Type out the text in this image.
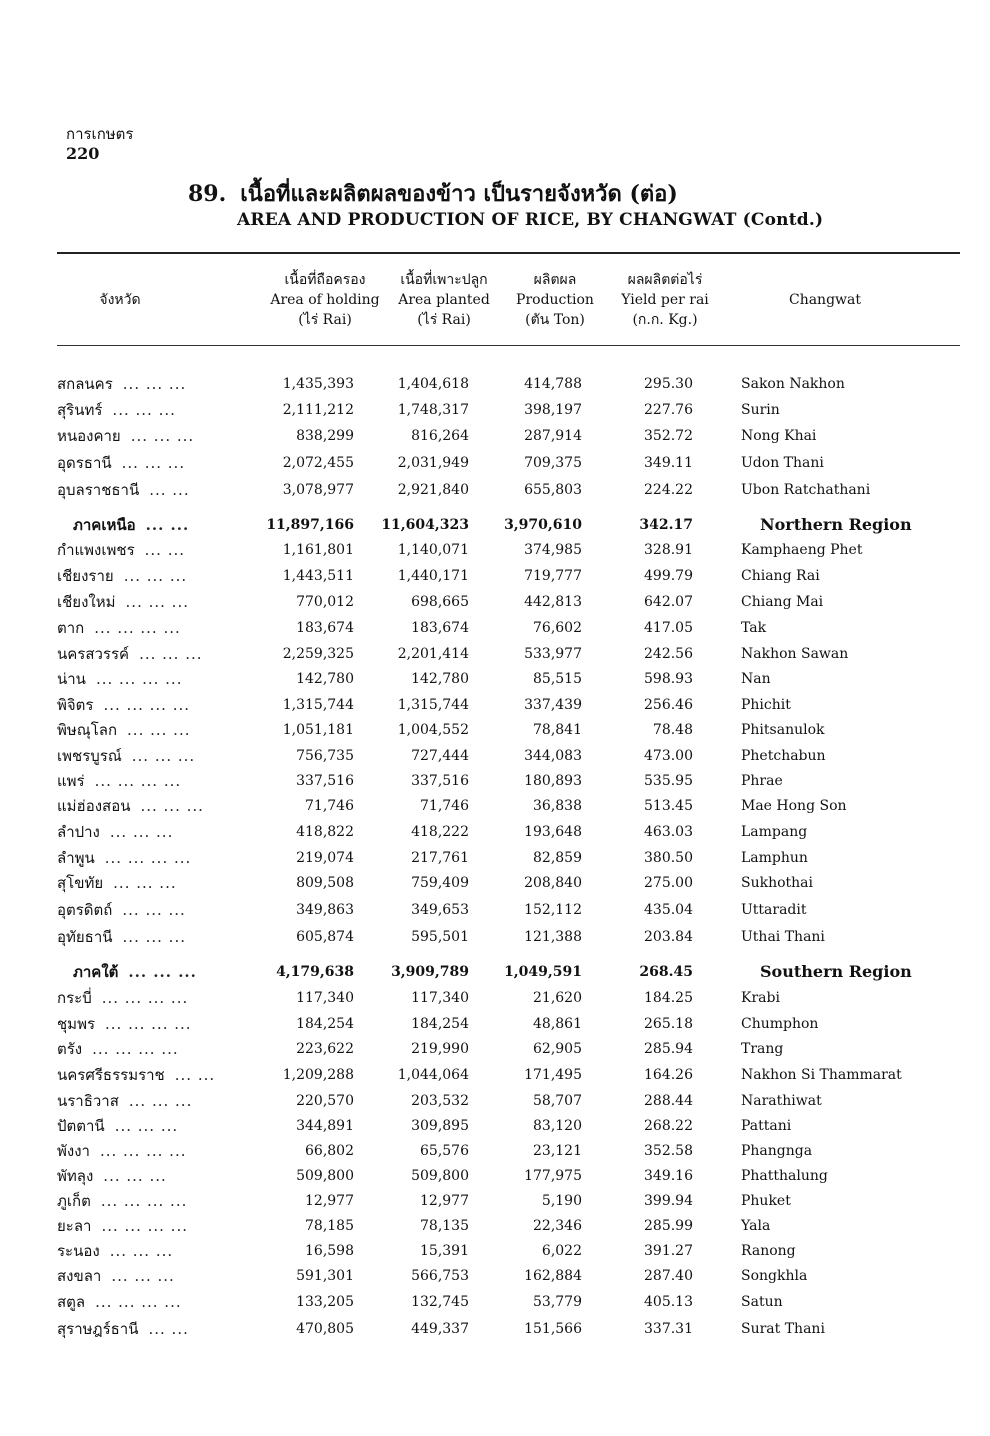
การเกษตร
220
89. เนื้อที่และผลิตผลของข้าว เป็นรายจังหวัด (ต่อ)
AREA AND PRODUCTION OF RICE, BY CHANGWAT (Contd.)
จังหวัด
เนื้อที่ถือครอง
Area of holding
(ไร่ Rai)
เนื้อที่เพาะปลูก
Area planted
(ไร่ Rai)
ผลิตผล
Production
(ตัน Ton)
ผลผลิตต่อไร่
Yield per rai
(ก.ก. Kg.)
Changwat
สกลนคร ... ... ...	1,435,393	1,404,618	414,788	295.30	Sakon Nakhon
สุรินทร์ ... ... ...	2,111,212	1,748,317	398,197	227.76	Surin
หนองคาย ... ... ...	838,299	816,264	287,914	352.72	Nong Khai
อุดรธานี ... ... ...	2,072,455	2,031,949	709,375	349.11	Udon Thani
อุบลราชธานี ... ...	3,078,977	2,921,840	655,803	224.22	Ubon Ratchathani
ภาคเหนือ ... ...	11,897,166 11,604,323	3,970,610	342.17	Northern Region
กำแพงเพชร ... ...	1,161,801	1,140,071	374,985	328.91	Kamphaeng Phet
เชียงราย ... ... ...	1,443,511	1,440,171	719,777	499.79	Chiang Rai
เชียงใหม่ ... ... ...	770,012	698,665	442,813	642.07	Chiang Mai
ตาก ... ... ... ...	183,674	183,674	76,602	417.05	Tak
นครสวรรค์ ... ... ...	2,259,325	2,201,414	533,977	242.56	Nakhon Sawan
น่าน ... ... ... ...	142,780	142,780	85,515	598.93	Nan
พิจิตร ... ... ... ...	1,315,744	1,315,744	337,439	256.46	Phichit
พิษณุโลก ... ... ...	1,051,181	1,004,552	78,841	78.48	Phitsanulok
เพชรบูรณ์ ... ... ...	756,735	727,444	344,083	473.00	Phetchabun
แพร่ ... ... ... ...	337,516	337,516	180,893	535.95	Phrae
แม่ฮ่องสอน ... ... ...	71,746	71,746	36,838	513.45	Mae Hong Son
ลำปาง ... ... ...	418,822	418,222	193,648	463.03	Lampang
ลำพูน ... ... ... ...	219,074	217,761	82,859	380.50	Lamphun
สุโขทัย ... ... ...	809,508	759,409	208,840	275.00	Sukhothai
อุตรดิตถ์ ... ... ...	349,863	349,653	152,112	435.04	Uttaradit
อุทัยธานี ... ... ...	605,874	595,501	121,388	203.84	Uthai Thani
ภาคใต้ ... ... ...	4,179,638	3,909,789	1,049,591	268.45	Southern Region
กระบี่ ... ... ... ...	117,340	117,340	21,620	184.25	Krabi
ชุมพร ... ... ... ...	184,254	184,254	48,861	265.18	Chumphon
ตรัง ... ... ... ...	223,622	219,990	62,905	285.94	Trang
นครศรีธรรมราช ... ...	1,209,288	1,044,064	171,495	164.26	Nakhon Si Thammarat
นราธิวาส ... ... ...	220,570	203,532	58,707	288.44	Narathiwat
ปัตตานี ... ... ...	344,891	309,895	83,120	268.22	Pattani
พังงา ... ... ... ...	66,802	65,576	23,121	352.58	Phangnga
พัทลุง ... ... ...	509,800	509,800	177,975	349.16	Phatthalung
ภูเก็ต ... ... ... ...	12,977	12,977	5,190	399.94	Phuket
ยะลา ... ... ... ...	78,185	78,135	22,346	285.99	Yala
ระนอง ... ... ...	16,598	15,391	6,022	391.27	Ranong
สงขลา ... ... ...	591,301	566,753	162,884	287.40	Songkhla
สตูล ... ... ... ...	133,205	132,745	53,779	405.13	Satun
สุราษฎร์ธานี ... ...	470,805	449,337	151,566	337.31	Surat Thani
